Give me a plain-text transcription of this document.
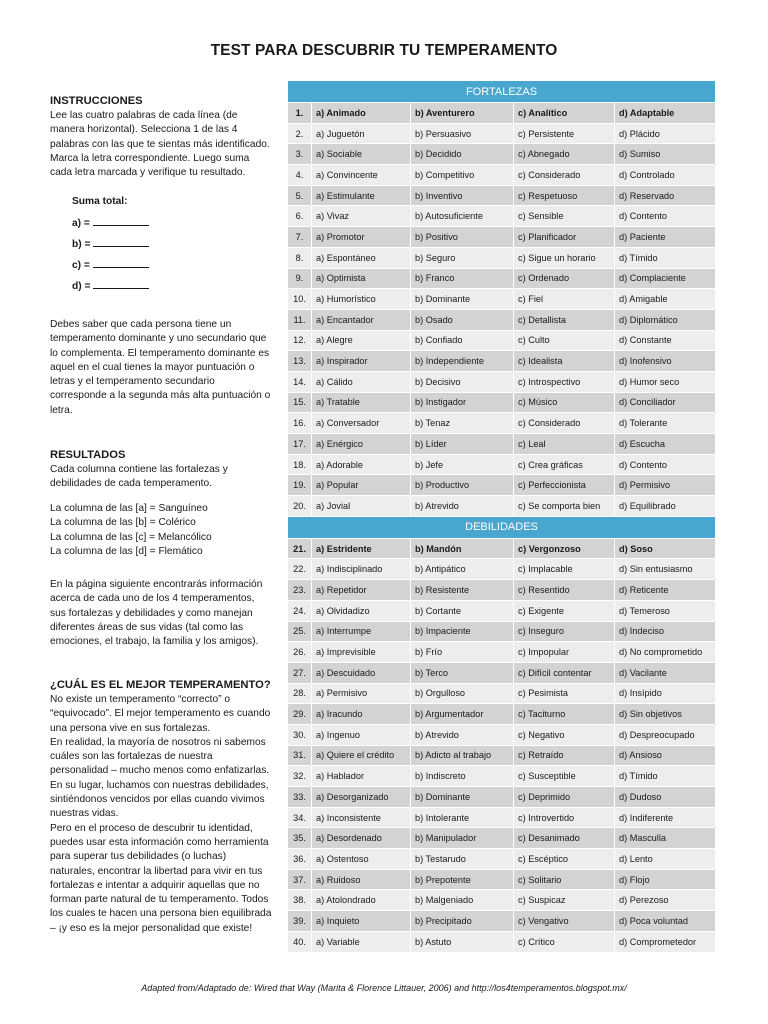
TEST PARA DESCUBRIR TU TEMPERAMENTO
INSTRUCCIONES

Lee las cuatro palabras de cada línea (de manera horizontal). Selecciona 1 de las 4 palabras con las que te sientas más identificado. Marca la letra correspondiente. Luego suma cada letra marcada y verifique tu resultado.

Suma total:
a) =
b) =
c) =
d) =

Debes saber que cada persona tiene un temperamento dominante y uno secundario que lo complementa. El temperamento dominante es aquel en el cual tienes la mayor puntuación o letras y el temperamento secundario corresponde a la segunda más alta puntuación o letra.

RESULTADOS

Cada columna contiene las fortalezas y debilidades de cada temperamento.

La columna de las [a] = Sanguíneo

La columna de las [b] = Colérico

La columna de las [c] = Melancólico

La columna de las [d] = Flemático

En la página siguiente encontrarás información acerca de cada uno de los 4 temperamentos, sus fortalezas y debilidades y como manejan diferentes áreas de sus vidas (tal como las emociones, el trabajo, la familia y los amigos).

¿CUÁL ES EL MEJOR TEMPERAMENTO?

No existe un temperamento “correcto” o “equivocado”. El mejor temperamento es cuando una persona vive en sus fortalezas.

En realidad, la mayoría de nosotros ni sabemos cuáles son las fortalezas de nuestra personalidad – mucho menos como enfatizarlas. En su lugar, luchamos con nuestras debilidades, sintiéndonos vencidos por ellas cuando vivimos nuestras vidas.

Pero en el proceso de descubrir tu identidad, puedes usar esta información como herramienta para superar tus debilidades (o luchas) naturales, encontrar la libertad para vivir en tus fortalezas e intentar a adquirir aquellas que no forman parte natural de tu temperamento. Todos los cuales te hacen una persona bien equilibrada – ¡y eso es la mejor personalidad que existe!

FORTALEZAS				
1.	a) Animado	b) Aventurero	c) Analítico	d) Adaptable
2.	a) Juguetón	b) Persuasivo	c) Persistente	d) Plácido
3.	a) Sociable	b) Decidido	c) Abnegado	d) Sumiso
4.	a) Convincente	b) Competitivo	c) Considerado	d) Controlado
5.	a) Estimulante	b) Inventivo	c) Respetuoso	d) Reservado
6.	a) Vivaz	b) Autosuficiente	c) Sensible	d) Contento
7.	a) Promotor	b) Positivo	c) Planificador	d) Paciente
8.	a) Espontáneo	b) Seguro	c) Sigue un horario	d) Tímido
9.	a) Optimista	b) Franco	c) Ordenado	d) Complaciente
10.	a) Humorístico	b) Dominante	c) Fiel	d) Amigable
11.	a) Encantador	b) Osado	c) Detallista	d) Diplomático
12.	a) Alegre	b) Confiado	c) Culto	d) Constante
13.	a) Inspirador	b) Independiente	c) Idealista	d) Inofensivo
14.	a) Cálido	b) Decisivo	c) Introspectivo	d) Humor seco
15.	a) Tratable	b) Instigador	c) Músico	d) Conciliador
16.	a) Conversador	b) Tenaz	c) Considerado	d) Tolerante
17.	a) Enérgico	b) Líder	c) Leal	d) Escucha
18.	a) Adorable	b) Jefe	c) Crea gráficas	d) Contento
19.	a) Popular	b) Productivo	c) Perfeccionista	d) Permisivo
20.	a) Jovial	b) Atrevido	c) Se comporta bien	d) Equilibrado
DEBILIDADES				
21.	a) Estridente	b) Mandón	c) Vergonzoso	d) Soso
22.	a) Indisciplinado	b) Antipático	c) Implacable	d) Sin entusiasmo
23.	a) Repetidor	b) Resistente	c) Resentido	d) Reticente
24.	a) Olvidadizo	b) Cortante	c) Exigente	d) Temeroso
25.	a) Interrumpe	b) Impaciente	c) Inseguro	d) Indeciso
26.	a) Imprevisible	b) Frío	c) Impopular	d) No comprometido
27.	a) Descuidado	b) Terco	c) Difícil contentar	d) Vacilante
28.	a) Permisivo	b) Orgulloso	c) Pesimista	d) Insípido
29.	a) Iracundo	b) Argumentador	c) Taciturno	d) Sin objetivos
30.	a) Ingenuo	b) Atrevido	c) Negativo	d) Despreocupado
31.	a) Quiere el crédito	b) Adicto al trabajo	c) Retraído	d) Ansioso
32.	a) Hablador	b) Indiscreto	c) Susceptible	d) Tímido
33.	a) Desorganizado	b) Dominante	c) Deprimido	d) Dudoso
34.	a) Inconsistente	b) Intolerante	c) Introvertido	d) Indiferente
35.	a) Desordenado	b) Manipulador	c) Desanimado	d) Masculla
36.	a) Ostentoso	b) Testarudo	c) Escéptico	d) Lento
37.	a) Ruidoso	b) Prepotente	c) Solitario	d) Flojo
38.	a) Atolondrado	b) Malgeniado	c) Suspicaz	d) Perezoso
39.	a) Inquieto	b) Precipitado	c) Vengativo	d) Poca voluntad
40.	a) Variable	b) Astuto	c) Crítico	d) Comprometedor
Adapted from/Adaptado de: Wired that Way (Marita & Florence Littauer, 2006) and http://los4temperamentos.blogspot.mx/
